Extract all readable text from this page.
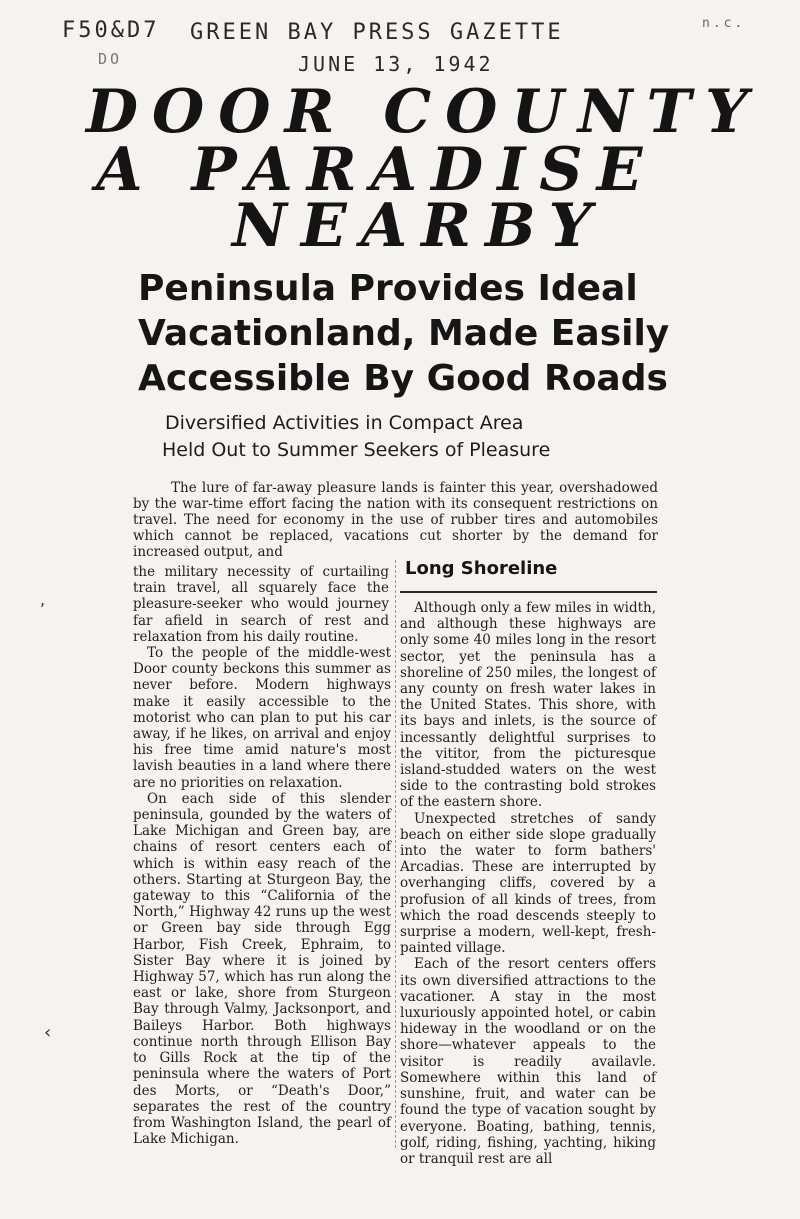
F50&D7 GREEN BAY PRESS GAZETTE
DO	JUNE 13, 1942
n.c.
DOOR COUNTY
A PARADISE
NEARBY
Peninsula Provides Ideal
Vacationland, Made Easily
Accessible By Good Roads
Diversified Activities in Compact Area
Held Out to Summer Seekers of Pleasure

The lure of far-away pleasure lands is fainter this year, overshadowed by the war-time effort facing the nation with its consequent restrictions on travel. The need for economy in the use of rubber tires and automobiles which cannot be replaced, vacations cut shorter by the demand for increased output, and

the military necessity of curtailing train travel, all squarely face the pleasure-seeker who would journey far afield in search of rest and relaxation from his daily routine.

To the people of the middle-west Door county beckons this summer as never before. Modern highways make it easily accessible to the motorist who can plan to put his car away, if he likes, on arrival and enjoy his free time amid nature's most lavish beauties in a land where there are no priorities on relaxation.

On each side of this slender peninsula, gounded by the waters of Lake Michigan and Green bay, are chains of resort centers each of which is within easy reach of the others. Starting at Sturgeon Bay, the gateway to this “California of the North,” Highway 42 runs up the west or Green bay side through Egg Harbor, Fish Creek, Ephraim, to Sister Bay where it is joined by Highway 57, which has run along the east or lake, shore from Sturgeon Bay through Valmy, Jacksonport, and Baileys Harbor. Both highways continue north through Ellison Bay to Gills Rock at the tip of the peninsula where the waters of Port des Morts, or “Death's Door,” separates the rest of the country from Washington Island, the pearl of Lake Michigan.

Long Shoreline

Although only a few miles in width, and although these highways are only some 40 miles long in the resort sector, yet the peninsula has a shoreline of 250 miles, the longest of any county on fresh water lakes in the United States. This shore, with its bays and inlets, is the source of incessantly delightful surprises to the vititor, from the picturesque island-studded waters on the west side to the contrasting bold strokes of the eastern shore.

Unexpected stretches of sandy beach on either side slope gradually into the water to form bathers' Arcadias. These are interrupted by overhanging cliffs, covered by a profusion of all kinds of trees, from which the road descends steeply to surprise a modern, well-kept, fresh-painted village.

Each of the resort centers offers its own diversified attractions to the vacationer. A stay in the most luxuriously appointed hotel, or cabin hideway in the woodland or on the shore—whatever appeals to the visitor is readily availavle. Somewhere within this land of sunshine, fruit, and water can be found the type of vacation sought by everyone. Boating, bathing, tennis, golf, riding, fishing, yachting, hiking or tranquil rest are all

,
‹
